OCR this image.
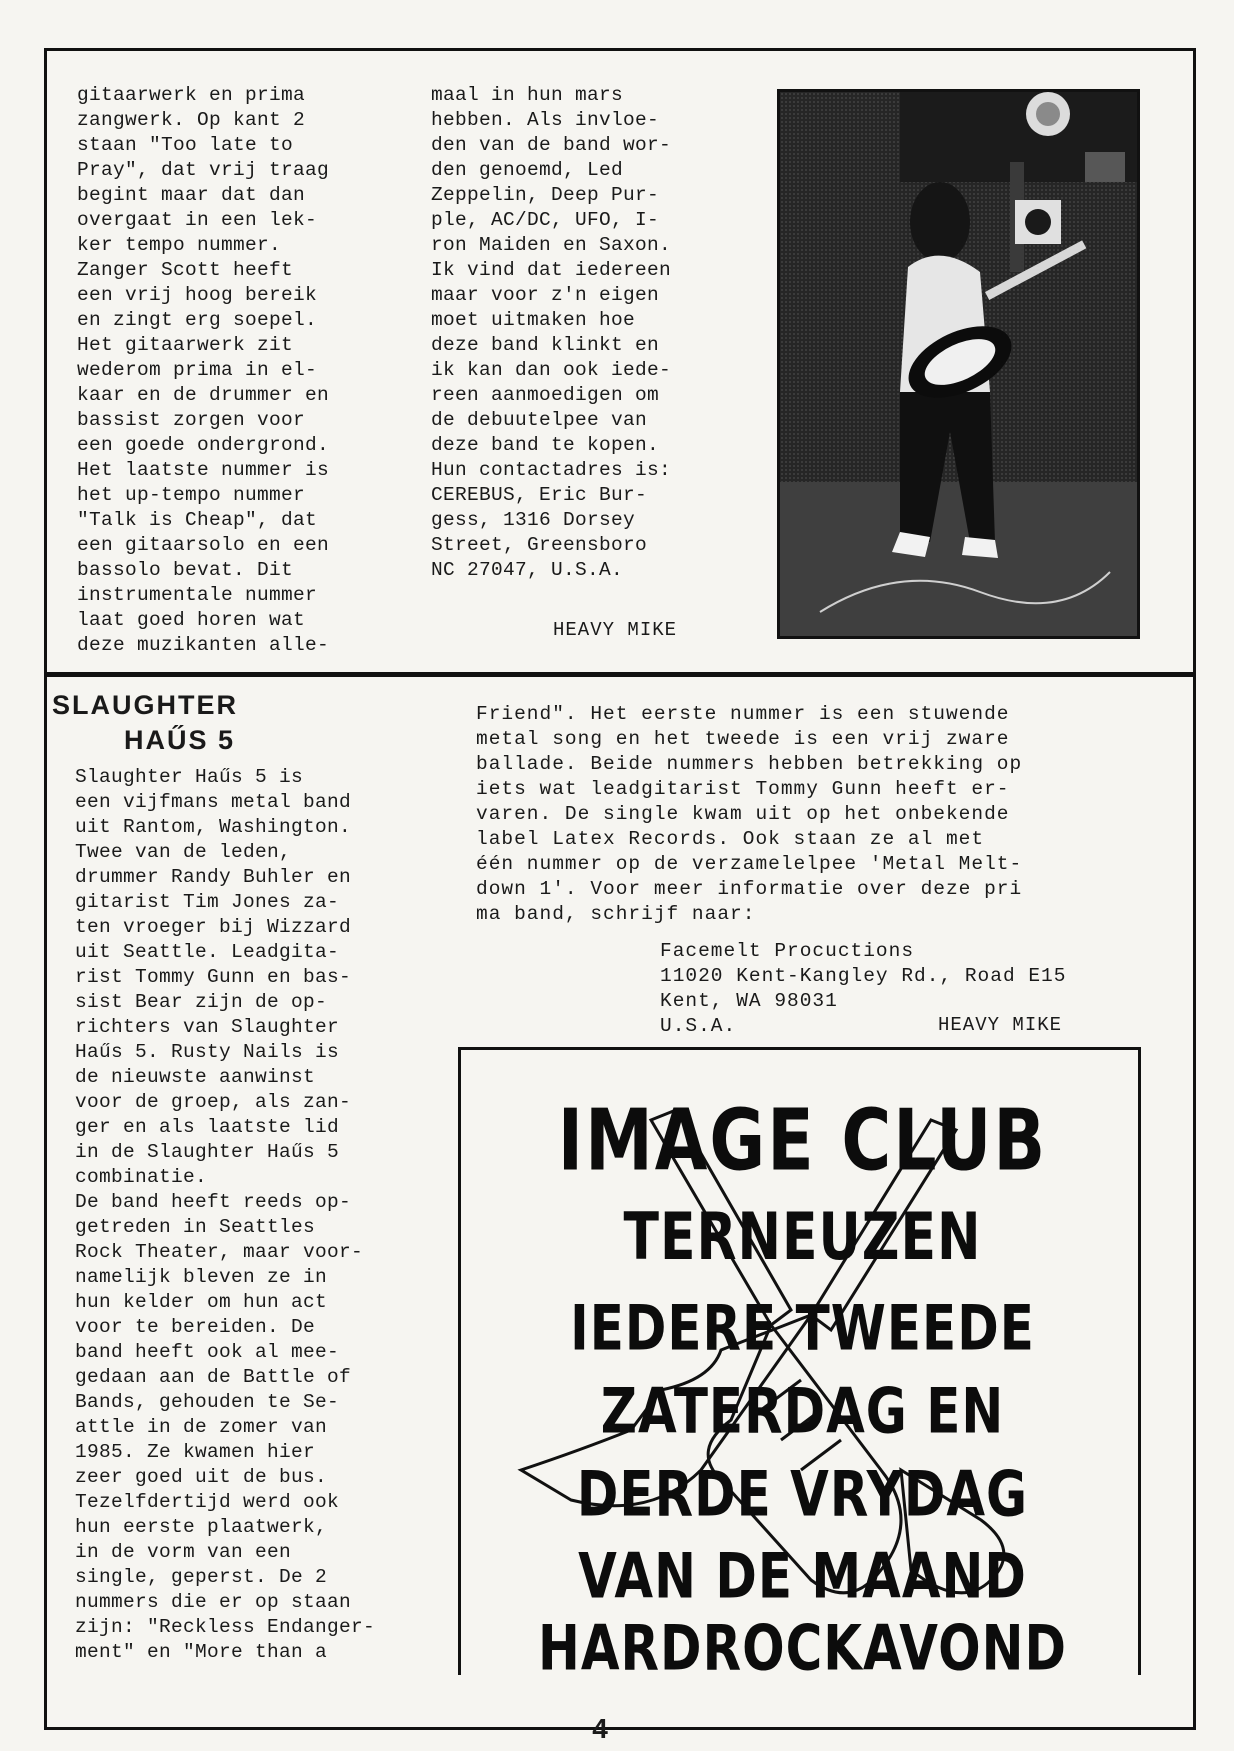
gitaarwerk en prima
zangwerk. Op kant 2
staan "Too late to
Pray", dat vrij traag
begint maar dat dan
overgaat in een lek-
ker tempo nummer.
Zanger Scott heeft
een vrij hoog bereik
en zingt erg soepel.
Het gitaarwerk zit
wederom prima in el-
kaar en de drummer en
bassist zorgen voor
een goede ondergrond.
Het laatste nummer is
het up-tempo nummer
"Talk is Cheap", dat
een gitaarsolo en een
bassolo bevat. Dit
instrumentale nummer
laat goed horen wat
deze muzikanten alle-
maal in hun mars
hebben. Als invloe-
den van de band wor-
den genoemd, Led
Zeppelin, Deep Pur-
ple, AC/DC, UFO, I-
ron Maiden en Saxon.
Ik vind dat iedereen
maar voor z'n eigen
moet uitmaken hoe
deze band klinkt en
ik kan dan ook iede-
reen aanmoedigen om
de debuutelpee van
deze band te kopen.
Hun contactadres is:
CEREBUS, Eric Bur-
gess, 1316 Dorsey
Street, Greensboro
NC 27047, U.S.A.
HEAVY MIKE
SLAUGHTER
HAŰS 5
Slaughter Haűs 5 is
een vijfmans metal band
uit Rantom, Washington.
Twee van de leden,
drummer Randy Buhler en
gitarist Tim Jones za-
ten vroeger bij Wizzard
uit Seattle. Leadgita-
rist Tommy Gunn en bas-
sist Bear zijn de op-
richters van Slaughter
Haűs 5. Rusty Nails is
de nieuwste aanwinst
voor de groep, als zan-
ger en als laatste lid
in de Slaughter Haűs 5
combinatie.
De band heeft reeds op-
getreden in Seattles
Rock Theater, maar voor-
namelijk bleven ze in
hun kelder om hun act
voor te bereiden. De
band heeft ook al mee-
gedaan aan de Battle of
Bands, gehouden te Se-
attle in de zomer van
1985. Ze kwamen hier
zeer goed uit de bus.
Tezelfdertijd werd ook
hun eerste plaatwerk,
in de vorm van een
single, geperst. De 2
nummers die er op staan
zijn: "Reckless Endanger-
ment" en "More than a
Friend". Het eerste nummer is een stuwende
metal song en het tweede is een vrij zware
ballade. Beide nummers hebben betrekking op
iets wat leadgitarist Tommy Gunn heeft er-
varen. De single kwam uit op het onbekende
label Latex Records. Ook staan ze al met
één nummer op de verzamelelpee 'Metal Melt-
down 1'. Voor meer informatie over deze pri
ma band, schrijf naar:
Facemelt Procuctions
11020 Kent-Kangley Rd., Road E15
Kent, WA 98031
U.S.A.	HEAVY MIKE
IMAGE CLUB
TERNEUZEN
IEDERE TWEEDE
ZATERDAG EN
DERDE VRYDAG
VAN DE MAAND
HARDROCKAVOND
4
